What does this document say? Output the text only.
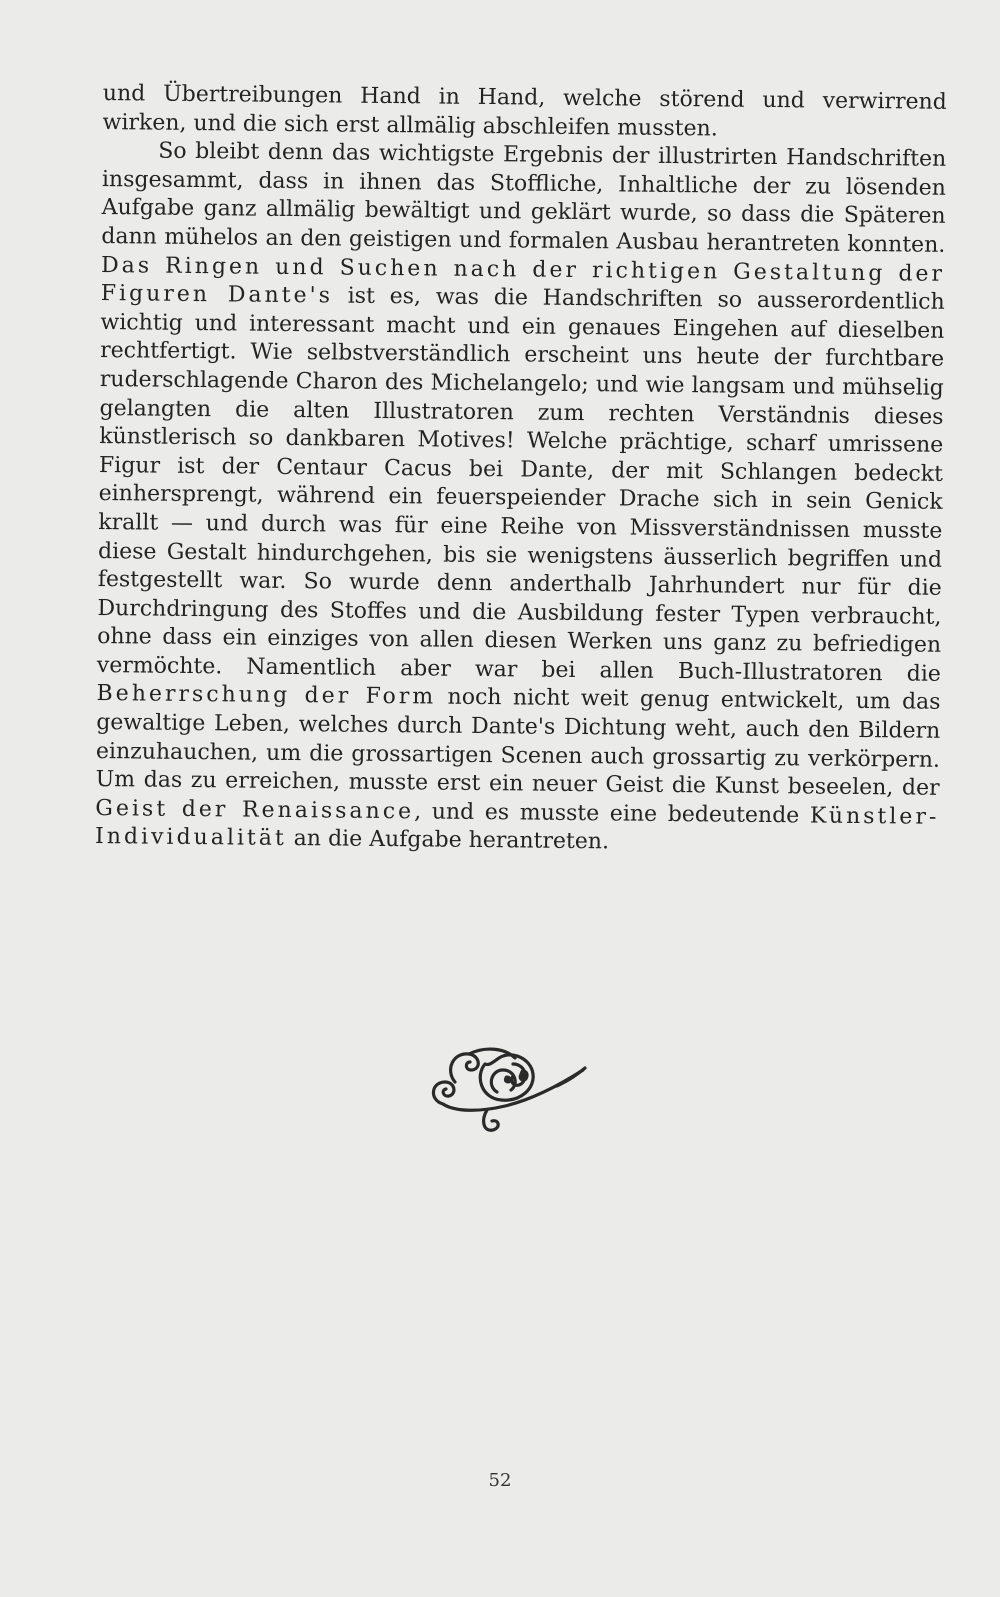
und Übertreibungen Hand in Hand, welche störend und verwirrend wirken, und die sich erst allmälig abschleifen mussten.

So bleibt denn das wichtigste Ergebnis der illustrirten Handschriften insgesammt, dass in ihnen das Stoffliche, Inhaltliche der zu lösenden Aufgabe ganz allmälig bewältigt und geklärt wurde, so dass die Späteren dann mühelos an den geistigen und formalen Ausbau herantreten konnten. Das Ringen und Suchen nach der richtigen Gestaltung der Figuren Dante's ist es, was die Handschriften so ausserordentlich wichtig und interessant macht und ein genaues Eingehen auf dieselben rechtfertigt. Wie selbstverständlich erscheint uns heute der furchtbare ruderschlagende Charon des Michelangelo; und wie langsam und mühselig gelangten die alten Illustratoren zum rechten Verständnis dieses künstlerisch so dankbaren Motives! Welche prächtige, scharf umrissene Figur ist der Centaur Cacus bei Dante, der mit Schlangen bedeckt einhersprengt, während ein feuerspeiender Drache sich in sein Genick krallt — und durch was für eine Reihe von Missverständnissen musste diese Gestalt hindurchgehen, bis sie wenigstens äusserlich begriffen und festgestellt war. So wurde denn anderthalb Jahrhundert nur für die Durchdringung des Stoffes und die Ausbildung fester Typen verbraucht, ohne dass ein einziges von allen diesen Werken uns ganz zu befriedigen vermöchte. Namentlich aber war bei allen Buch-Illustratoren die Beherrschung der Form noch nicht weit genug entwickelt, um das gewaltige Leben, welches durch Dante's Dichtung weht, auch den Bildern einzuhauchen, um die grossartigen Scenen auch grossartig zu verkörpern. Um das zu erreichen, musste erst ein neuer Geist die Kunst beseelen, der Geist der Renaissance, und es musste eine bedeutende Künstler-Individualität an die Aufgabe herantreten.

52
